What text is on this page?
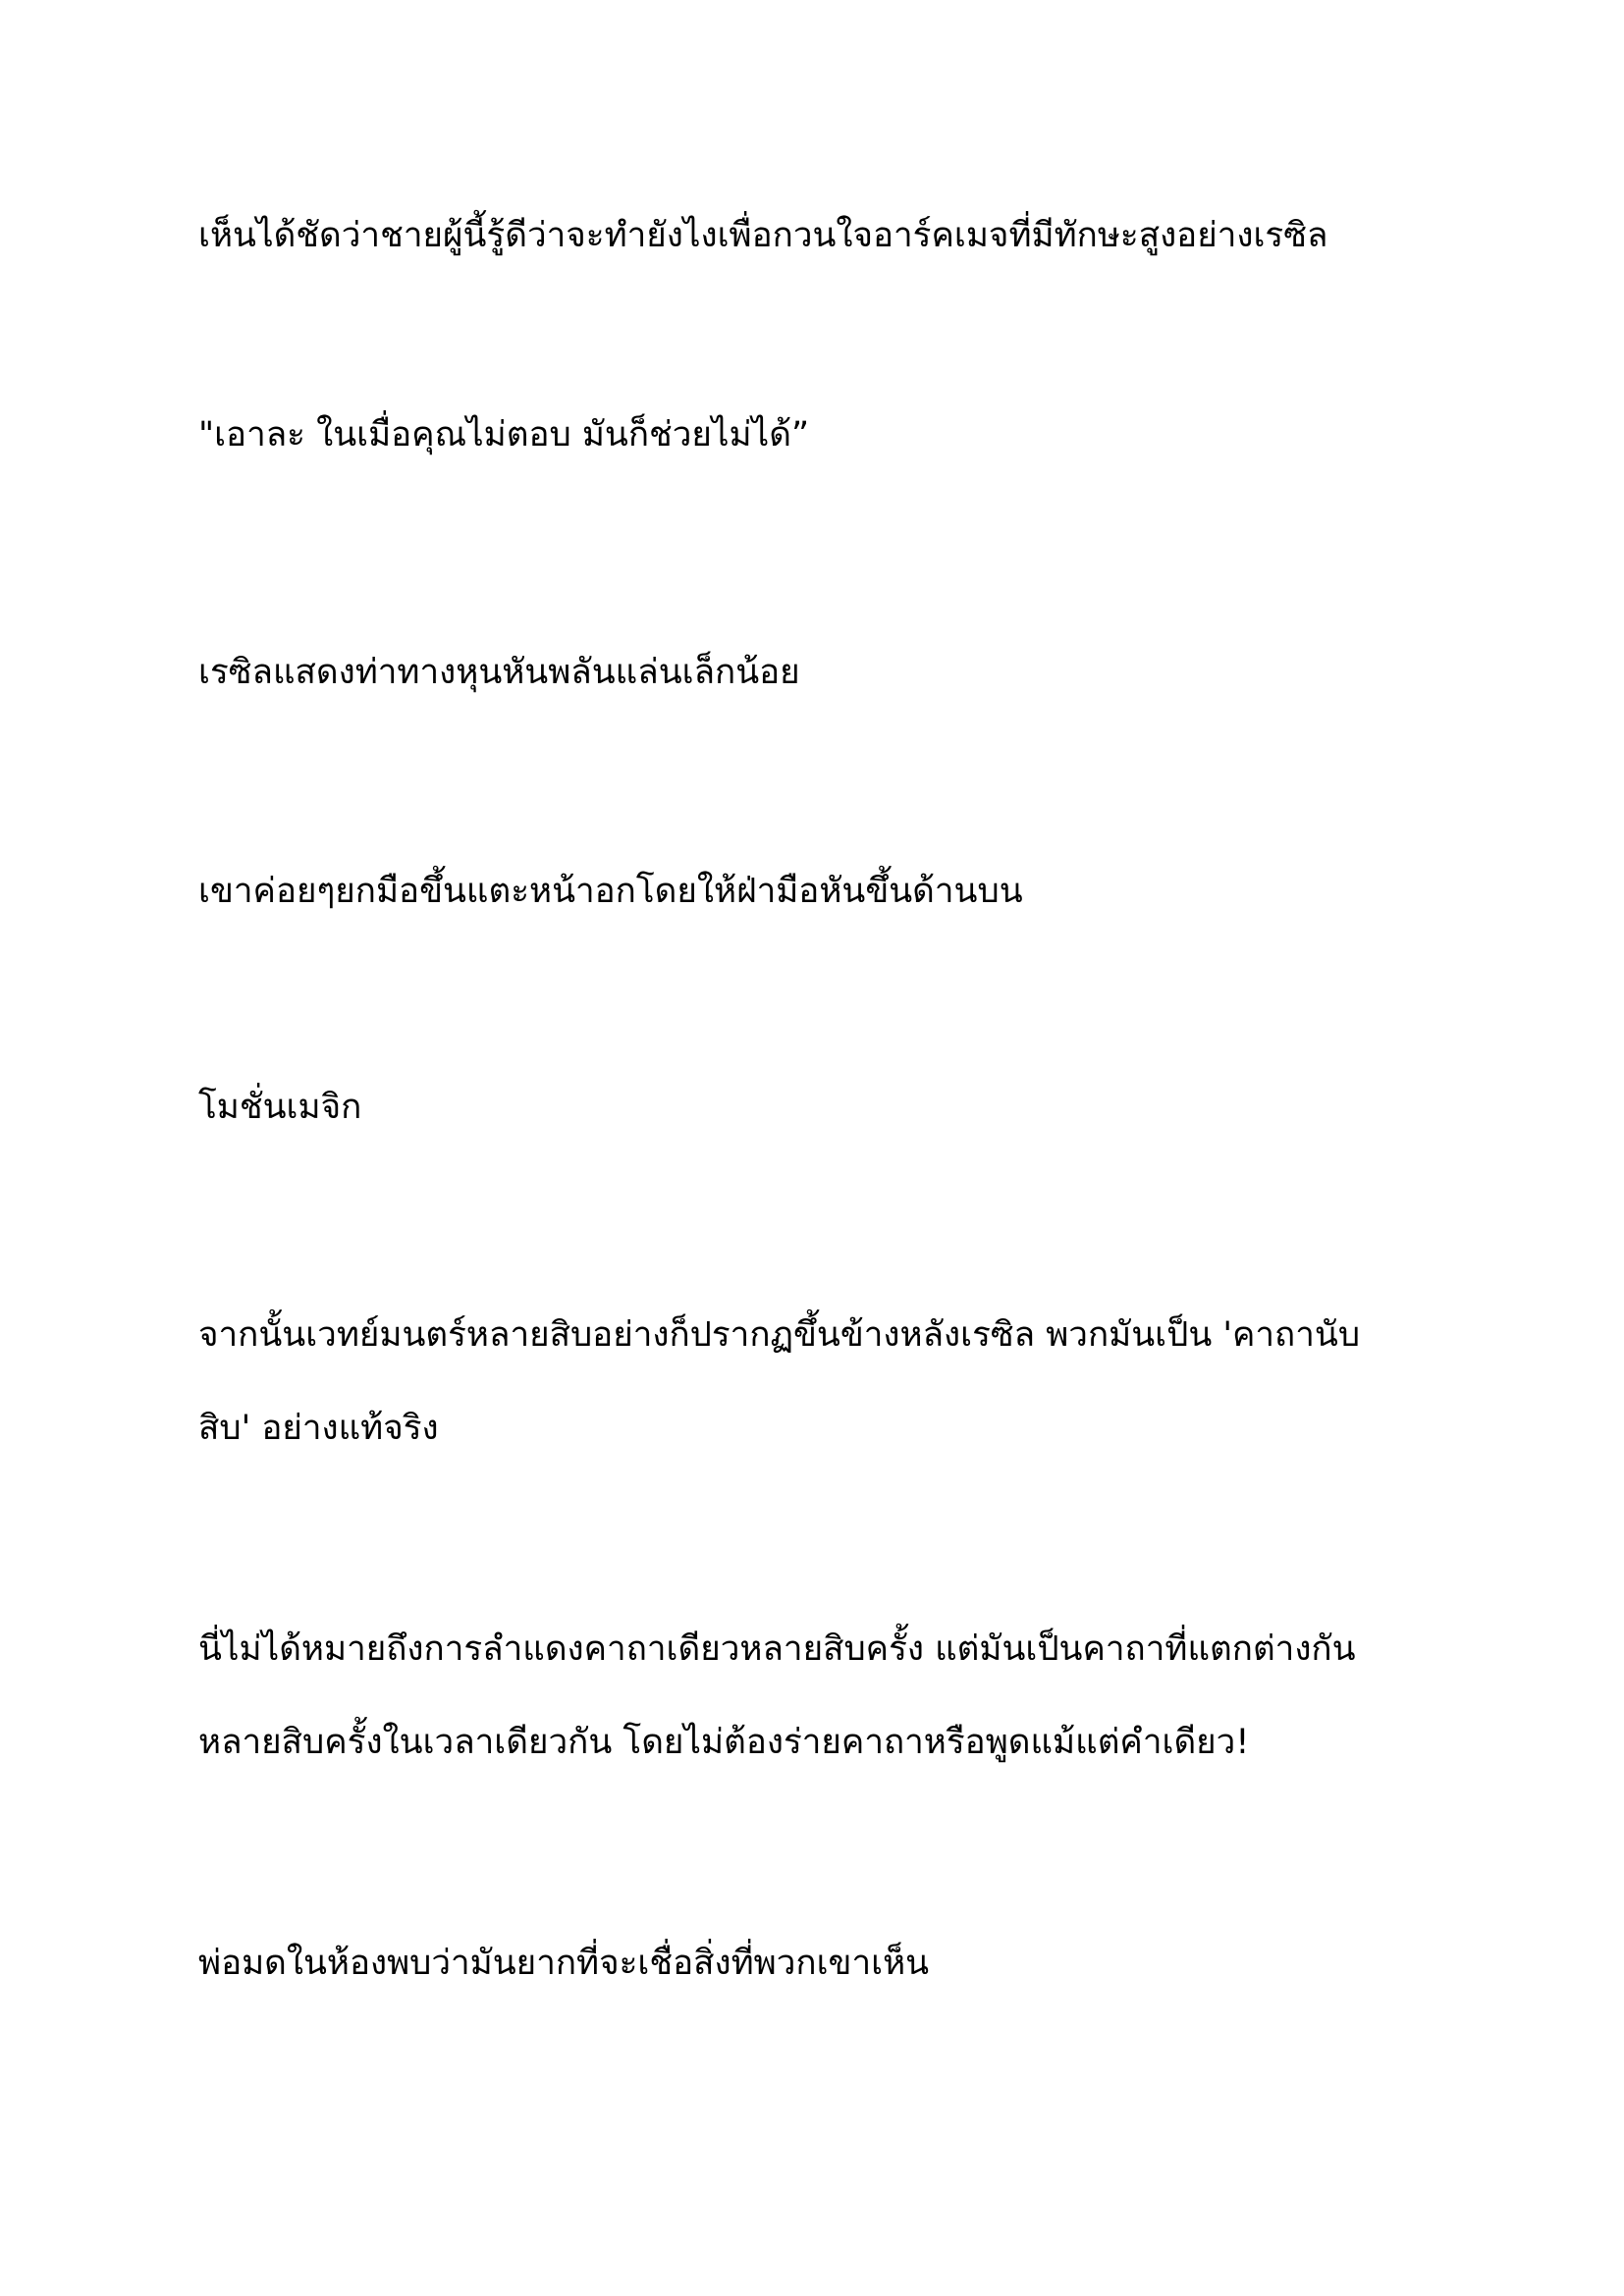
เห็นได้ชัดว่าชายผู้นี้รู้ดีว่าจะทำยังไงเพื่อกวนใจอาร์คเมจที่มีทักษะสูงอย่างเรซิล

"เอาละ ในเมื่อคุณไม่ตอบ มันก็ช่วยไม่ได้”

เรซิลแสดงท่าทางหุนหันพลันแล่นเล็กน้อย

เขาค่อยๆยกมือขึ้นแตะหน้าอกโดยให้ฝ่ามือหันขึ้นด้านบน

โมชั่นเมจิก

จากนั้นเวทย์มนตร์หลายสิบอย่างก็ปรากฏขึ้นข้างหลังเรซิล พวกมันเป็น 'คาถานับ

สิบ' อย่างแท้จริง

นี่ไม่ได้หมายถึงการลำแดงคาถาเดียวหลายสิบครั้ง แต่มันเป็นคาถาที่แตกต่างกัน

หลายสิบครั้งในเวลาเดียวกัน โดยไม่ต้องร่ายคาถาหรือพูดแม้แต่คำเดียว!

พ่อมดในห้องพบว่ามันยากที่จะเชื่อสิ่งที่พวกเขาเห็น
